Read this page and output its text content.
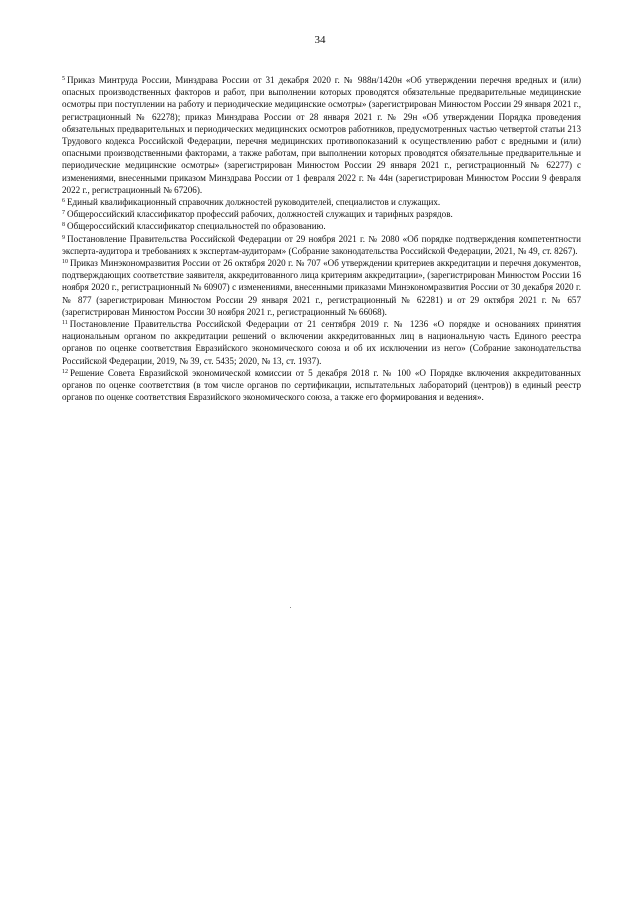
34
$^5$ Приказ Минтруда России, Минздрава России от 31 декабря 2020 г. № 988н/1420н «Об утверждении перечня вредных и (или) опасных производственных факторов и работ, при выполнении которых проводятся обязательные предварительные медицинские осмотры при поступлении на работу и периодические медицинские осмотры» (зарегистрирован Минюстом России 29 января 2021 г., регистрационный № 62278); приказ Минздрава России от 28 января 2021 г. № 29н «Об утверждении Порядка проведения обязательных предварительных и периодических медицинских осмотров работников, предусмотренных частью четвертой статьи 213 Трудового кодекса Российской Федерации, перечня медицинских противопоказаний к осуществлению работ с вредными и (или) опасными производственными факторами, а также работам, при выполнении которых проводятся обязательные предварительные и периодические медицинские осмотры» (зарегистрирован Минюстом России 29 января 2021 г., регистрационный № 62277) с изменениями, внесенными приказом Минздрава России от 1 февраля 2022 г. № 44н (зарегистрирован Минюстом России 9 февраля 2022 г., регистрационный № 67206).
$^6$ Единый квалификационный справочник должностей руководителей, специалистов и служащих.
$^7$ Общероссийский классификатор профессий рабочих, должностей служащих и тарифных разрядов.
$^8$ Общероссийский классификатор специальностей по образованию.
$^9$ Постановление Правительства Российской Федерации от 29 ноября 2021 г. № 2080 «Об порядке подтверждения компетентности эксперта-аудитора и требованиях к экспертам-аудиторам» (Собрание законодательства Российской Федерации, 2021, № 49, ст. 8267).
$^{10}$ Приказ Минэкономразвития России от 26 октября 2020 г. № 707 «Об утверждении критериев аккредитации и перечня документов, подтверждающих соответствие заявителя, аккредитованного лица критериям аккредитации», (зарегистрирован Минюстом России 16 ноября 2020 г., регистрационный № 60907) с изменениями, внесенными приказами Минэкономразвития России от 30 декабря 2020 г. № 877 (зарегистрирован Минюстом России 29 января 2021 г., регистрационный № 62281) и от 29 октября 2021 г. № 657 (зарегистрирован Минюстом России 30 ноября 2021 г., регистрационный № 66068).
$^{11}$ Постановление Правительства Российской Федерации от 21 сентября 2019 г. № 1236 «О порядке и основаниях принятия национальным органом по аккредитации решений о включении аккредитованных лиц в национальную часть Единого реестра органов по оценке соответствия Евразийского экономического союза и об их исключении из него» (Собрание законодательства Российской Федерации, 2019, № 39, ст. 5435; 2020, № 13, ст. 1937).
$^{12}$ Решение Совета Евразийской экономической комиссии от 5 декабря 2018 г. № 100 «О Порядке включения аккредитованных органов по оценке соответствия (в том числе органов по сертификации, испытательных лабораторий (центров)) в единый реестр органов по оценке соответствия Евразийского экономического союза, а также его формирования и ведения».
